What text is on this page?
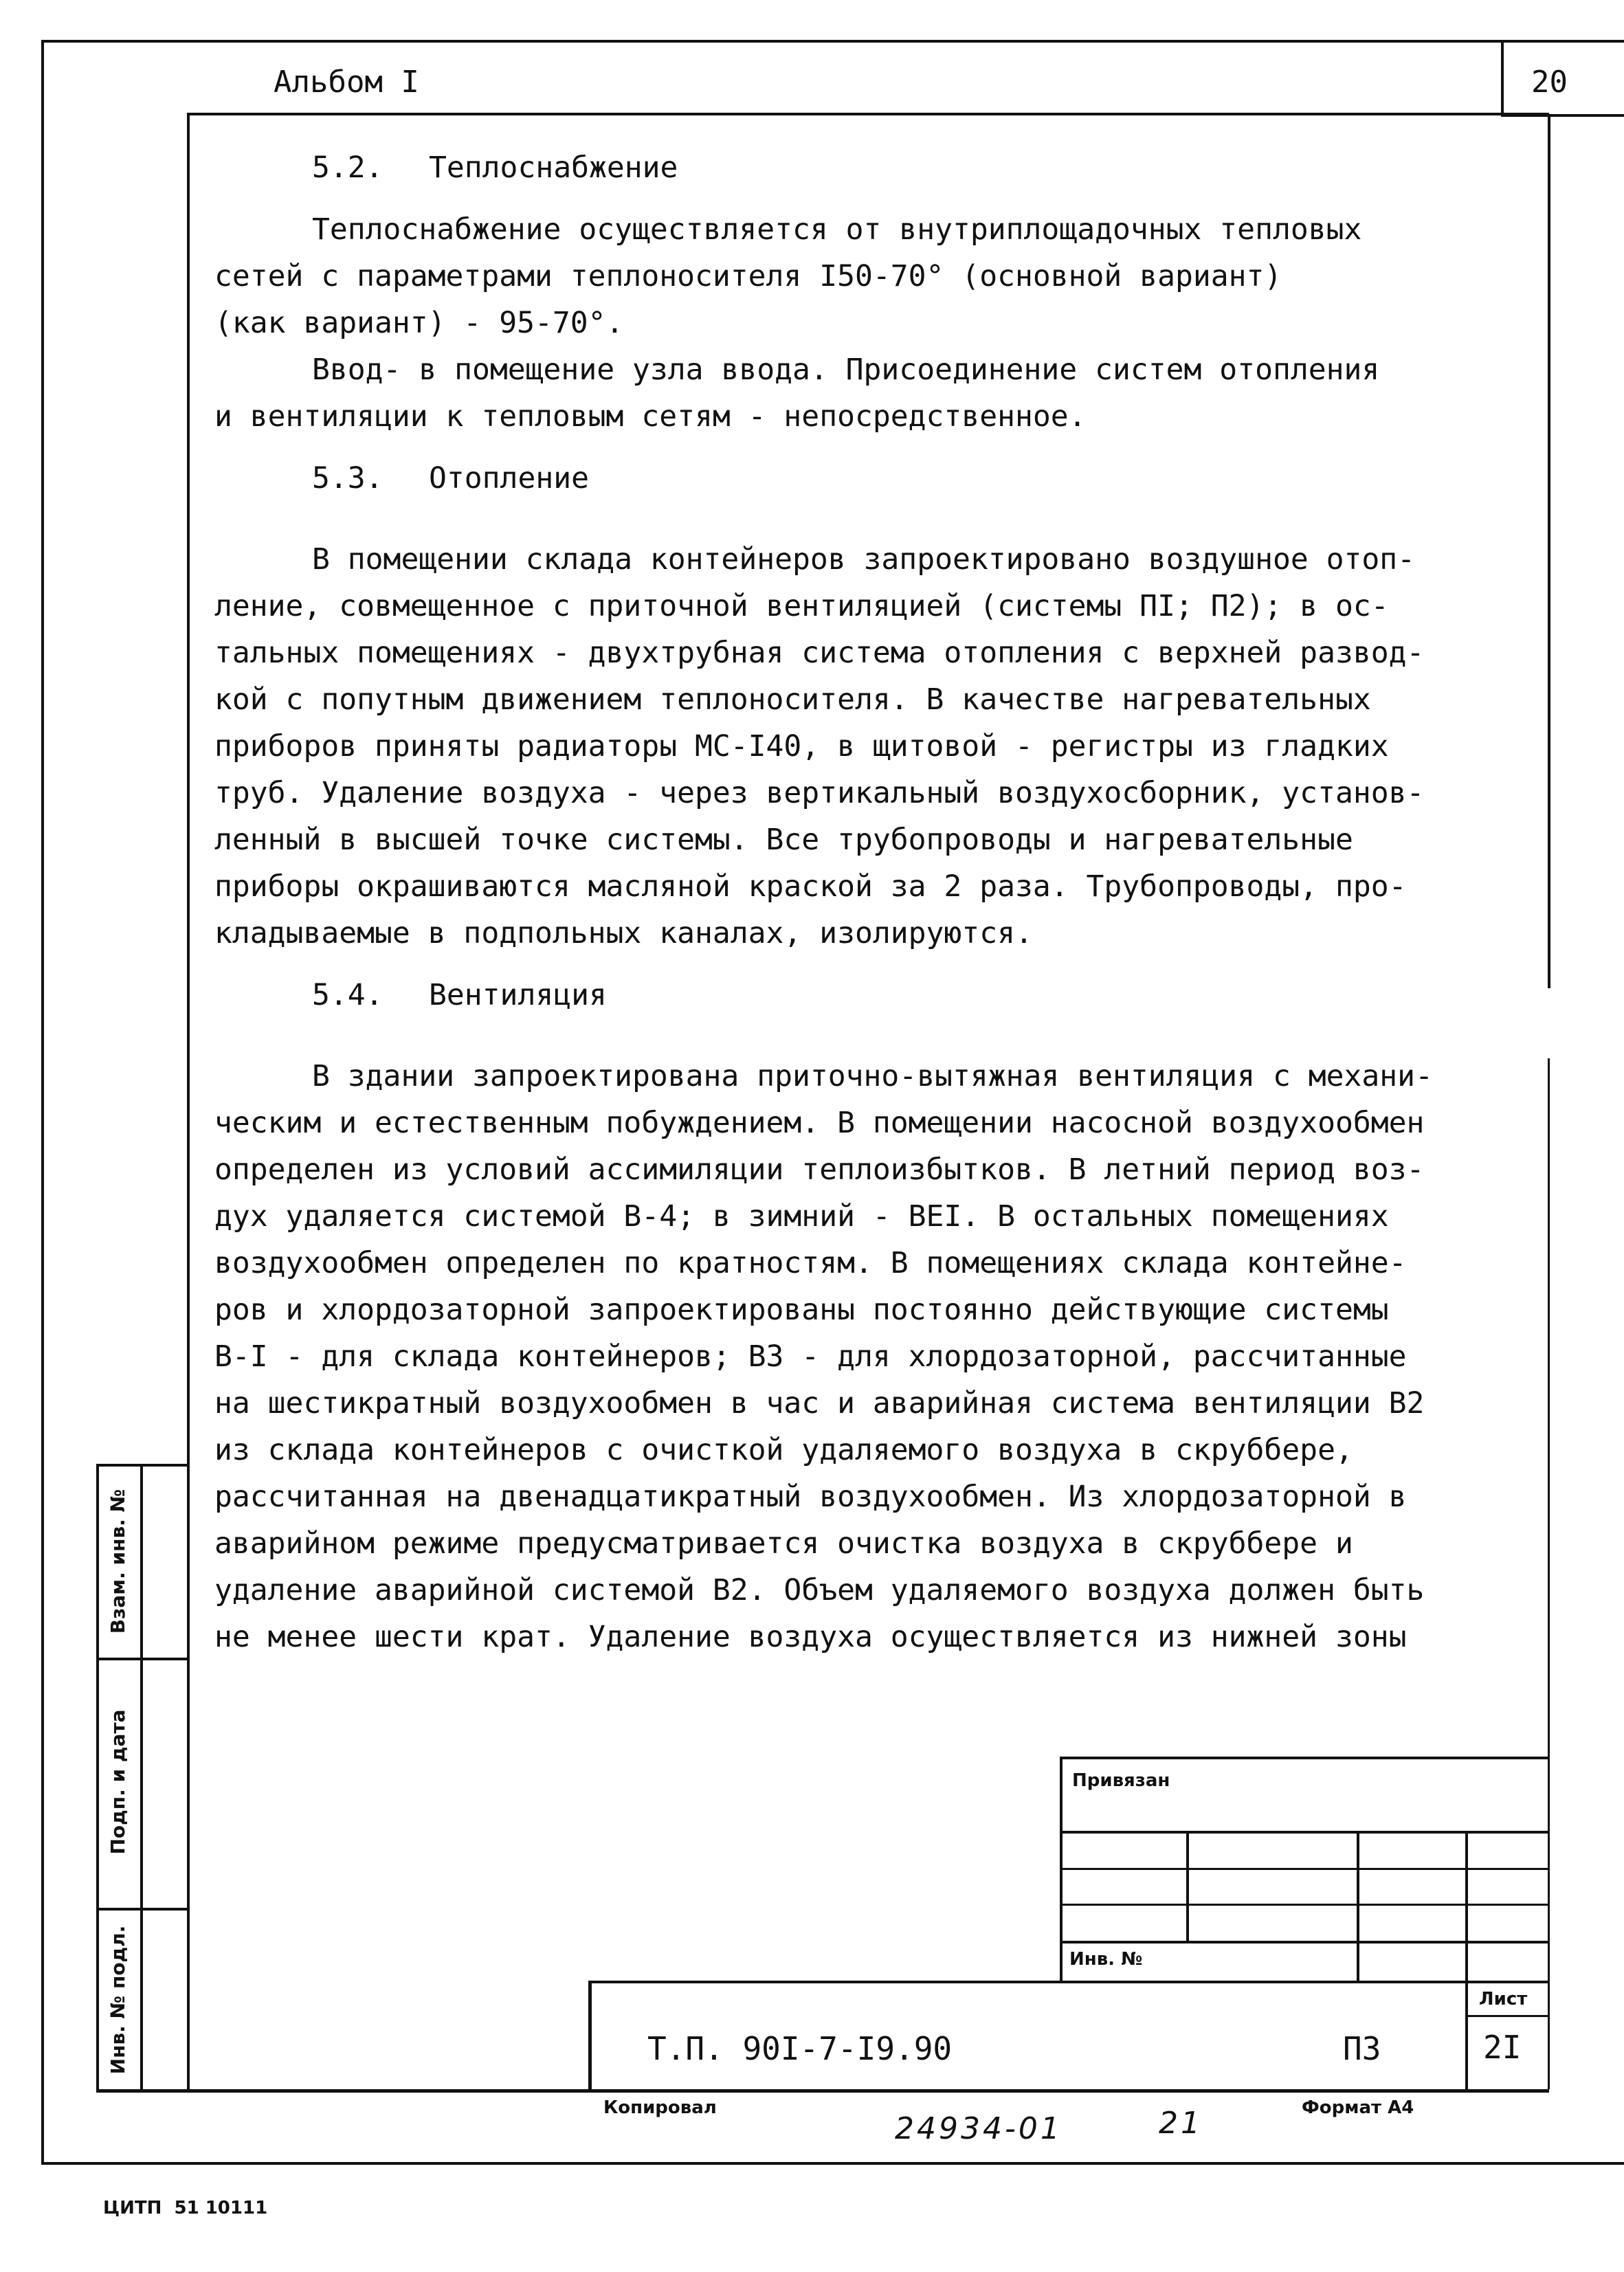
Альбом I	20

5.2. Теплоснабжение

Теплоснабжение осуществляется от внутриплощадочных тепловых

сетей с параметрами теплоносителя I50-70° (основной вариант)

(как вариант) - 95-70°.

Ввод- в помещение узла ввода. Присоединение систем отопления

и вентиляции к тепловым сетям - непосредственное.

5.3. Отопление

В помещении склада контейнеров запроектировано воздушное отоп-

ление, совмещенное с приточной вентиляцией (системы ПI; П2); в ос-

тальных помещениях - двухтрубная система отопления с верхней развод-

кой с попутным движением теплоносителя. В качестве нагревательных

приборов приняты радиаторы МС-I40, в щитовой - регистры из гладких

труб. Удаление воздуха - через вертикальный воздухосборник, установ-

ленный в высшей точке системы. Все трубопроводы и нагревательные

приборы окрашиваются масляной краской за 2 раза. Трубопроводы, про-

кладываемые в подпольных каналах, изолируются.

5.4. Вентиляция

В здании запроектирована приточно-вытяжная вентиляция с механи-

ческим и естественным побуждением. В помещении насосной воздухообмен

определен из условий ассимиляции теплоизбытков. В летний период воз-

дух удаляется системой В-4; в зимний - ВЕI. В остальных помещениях

воздухообмен определен по кратностям. В помещениях склада контейне-

ров и хлордозаторной запроектированы постоянно действующие системы

В-I - для склада контейнеров; В3 - для хлордозаторной, рассчитанные

на шестикратный воздухообмен в час и аварийная система вентиляции В2

из склада контейнеров с очисткой удаляемого воздуха в скруббере,

рассчитанная на двенадцатикратный воздухообмен. Из хлордозаторной в

аварийном режиме предусматривается очистка воздуха в скруббере и

удаление аварийной системой В2. Объем удаляемого воздуха должен быть

не менее шести крат. Удаление воздуха осуществляется из нижней зоны

Взам. инв. №
Подп. и дата
Инв. № подл.
Привязан
Инв. №
Т.П. 90I-7-I9.90	ПЗ
Лист
2I
Копировал
24934-01	21	Формат А4
ЦИТП  51 10111
